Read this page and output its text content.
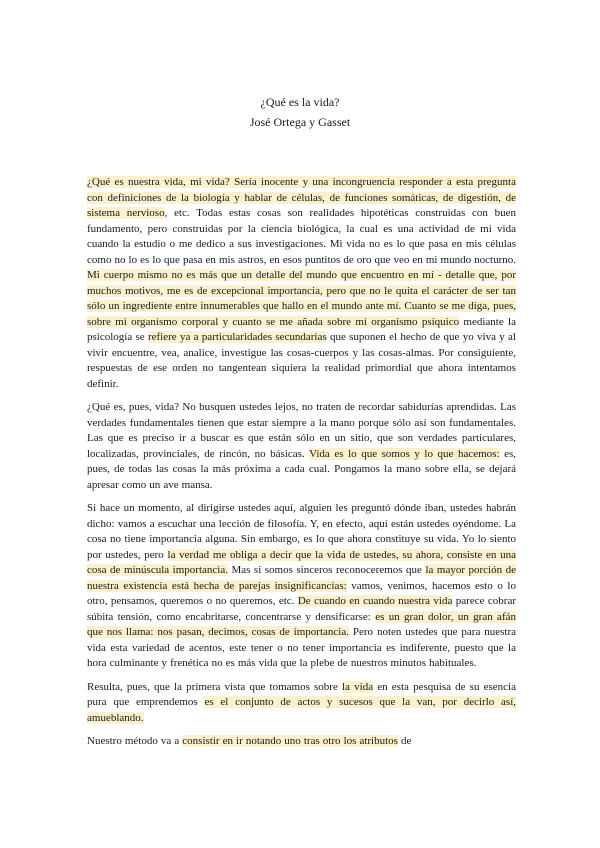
¿Qué es la vida?
José Ortega y Gasset

¿Qué es nuestra vida, mi vida? Sería inocente y una incongruencia responder a esta pregunta con definiciones de la biología y hablar de células, de funciones somáticas, de digestión, de sistema nervioso, etc. Todas estas cosas son realidades hipotéticas construidas con buen fundamento, pero construidas por la ciencia biológica, la cual es una actividad de mi vida cuando la estudio o me dedico a sus investigaciones. Mi vida no es lo que pasa en mis células como no lo es lo que pasa en mis astros, en esos puntitos de oro que veo en mi mundo nocturno. Mi cuerpo mismo no es más que un detalle del mundo que encuentro en mí - detalle que, por muchos motivos, me es de excepcional importancia, pero que no le quita el carácter de ser tan sólo un ingrediente entre innumerables que hallo en el mundo ante mí. Cuanto se me diga, pues, sobre mi organismo corporal y cuanto se me añada sobre mi organismo psíquico mediante la psicología se refiere ya a particularidades secundarias que suponen el hecho de que yo viva y al vivir encuentre, vea, analice, investigue las cosas-cuerpos y las cosas-almas. Por consiguiente, respuestas de ese orden no tangentean siquiera la realidad primordial que ahora intentamos definir.

¿Qué es, pues, vida? No busquen ustedes lejos, no traten de recordar sabidurías aprendidas. Las verdades fundamentales tienen que estar siempre a la mano porque sólo así son fundamentales. Las que es preciso ir a buscar es que están sólo en un sitio, que son verdades particulares, localizadas, provinciales, de rincón, no básicas. Vida es lo que somos y lo que hacemos: es, pues, de todas las cosas la más próxima a cada cual. Pongamos la mano sobre ella, se dejará apresar como un ave mansa.

Si hace un momento, al dirigirse ustedes aquí, alguien les preguntó dónde iban, ustedes habrán dicho: vamos a escuchar una lección de filosofía. Y, en efecto, aquí están ustedes oyéndome. La cosa no tiene importancia alguna. Sin embargo, es lo que ahora constituye su vida. Yo lo siento por ustedes, pero la verdad me obliga a decir que la vida de ustedes, su ahora, consiste en una cosa de minúscula importancia. Mas si somos sinceros reconoceremos que la mayor porción de nuestra existencia está hecha de parejas insignificancias: vamos, venimos, hacemos esto o lo otro, pensamos, queremos o no queremos, etc. De cuando en cuando nuestra vida parece cobrar súbita tensión, como encabritarse, concentrarse y densificarse: es un gran dolor, un gran afán que nos llama: nos pasan, decimos, cosas de importancia. Pero noten ustedes que para nuestra vida esta variedad de acentos, este tener o no tener importancia es indiferente, puesto que la hora culminante y frenética no es más vida que la plebe de nuestros minutos habituales.

Resulta, pues, que la primera vista que tomamos sobre la vida en esta pesquisa de su esencia pura que emprendemos es el conjunto de actos y sucesos que la van, por decirlo así, amueblando.

Nuestro método va a consistir en ir notando uno tras otro los atributos de
